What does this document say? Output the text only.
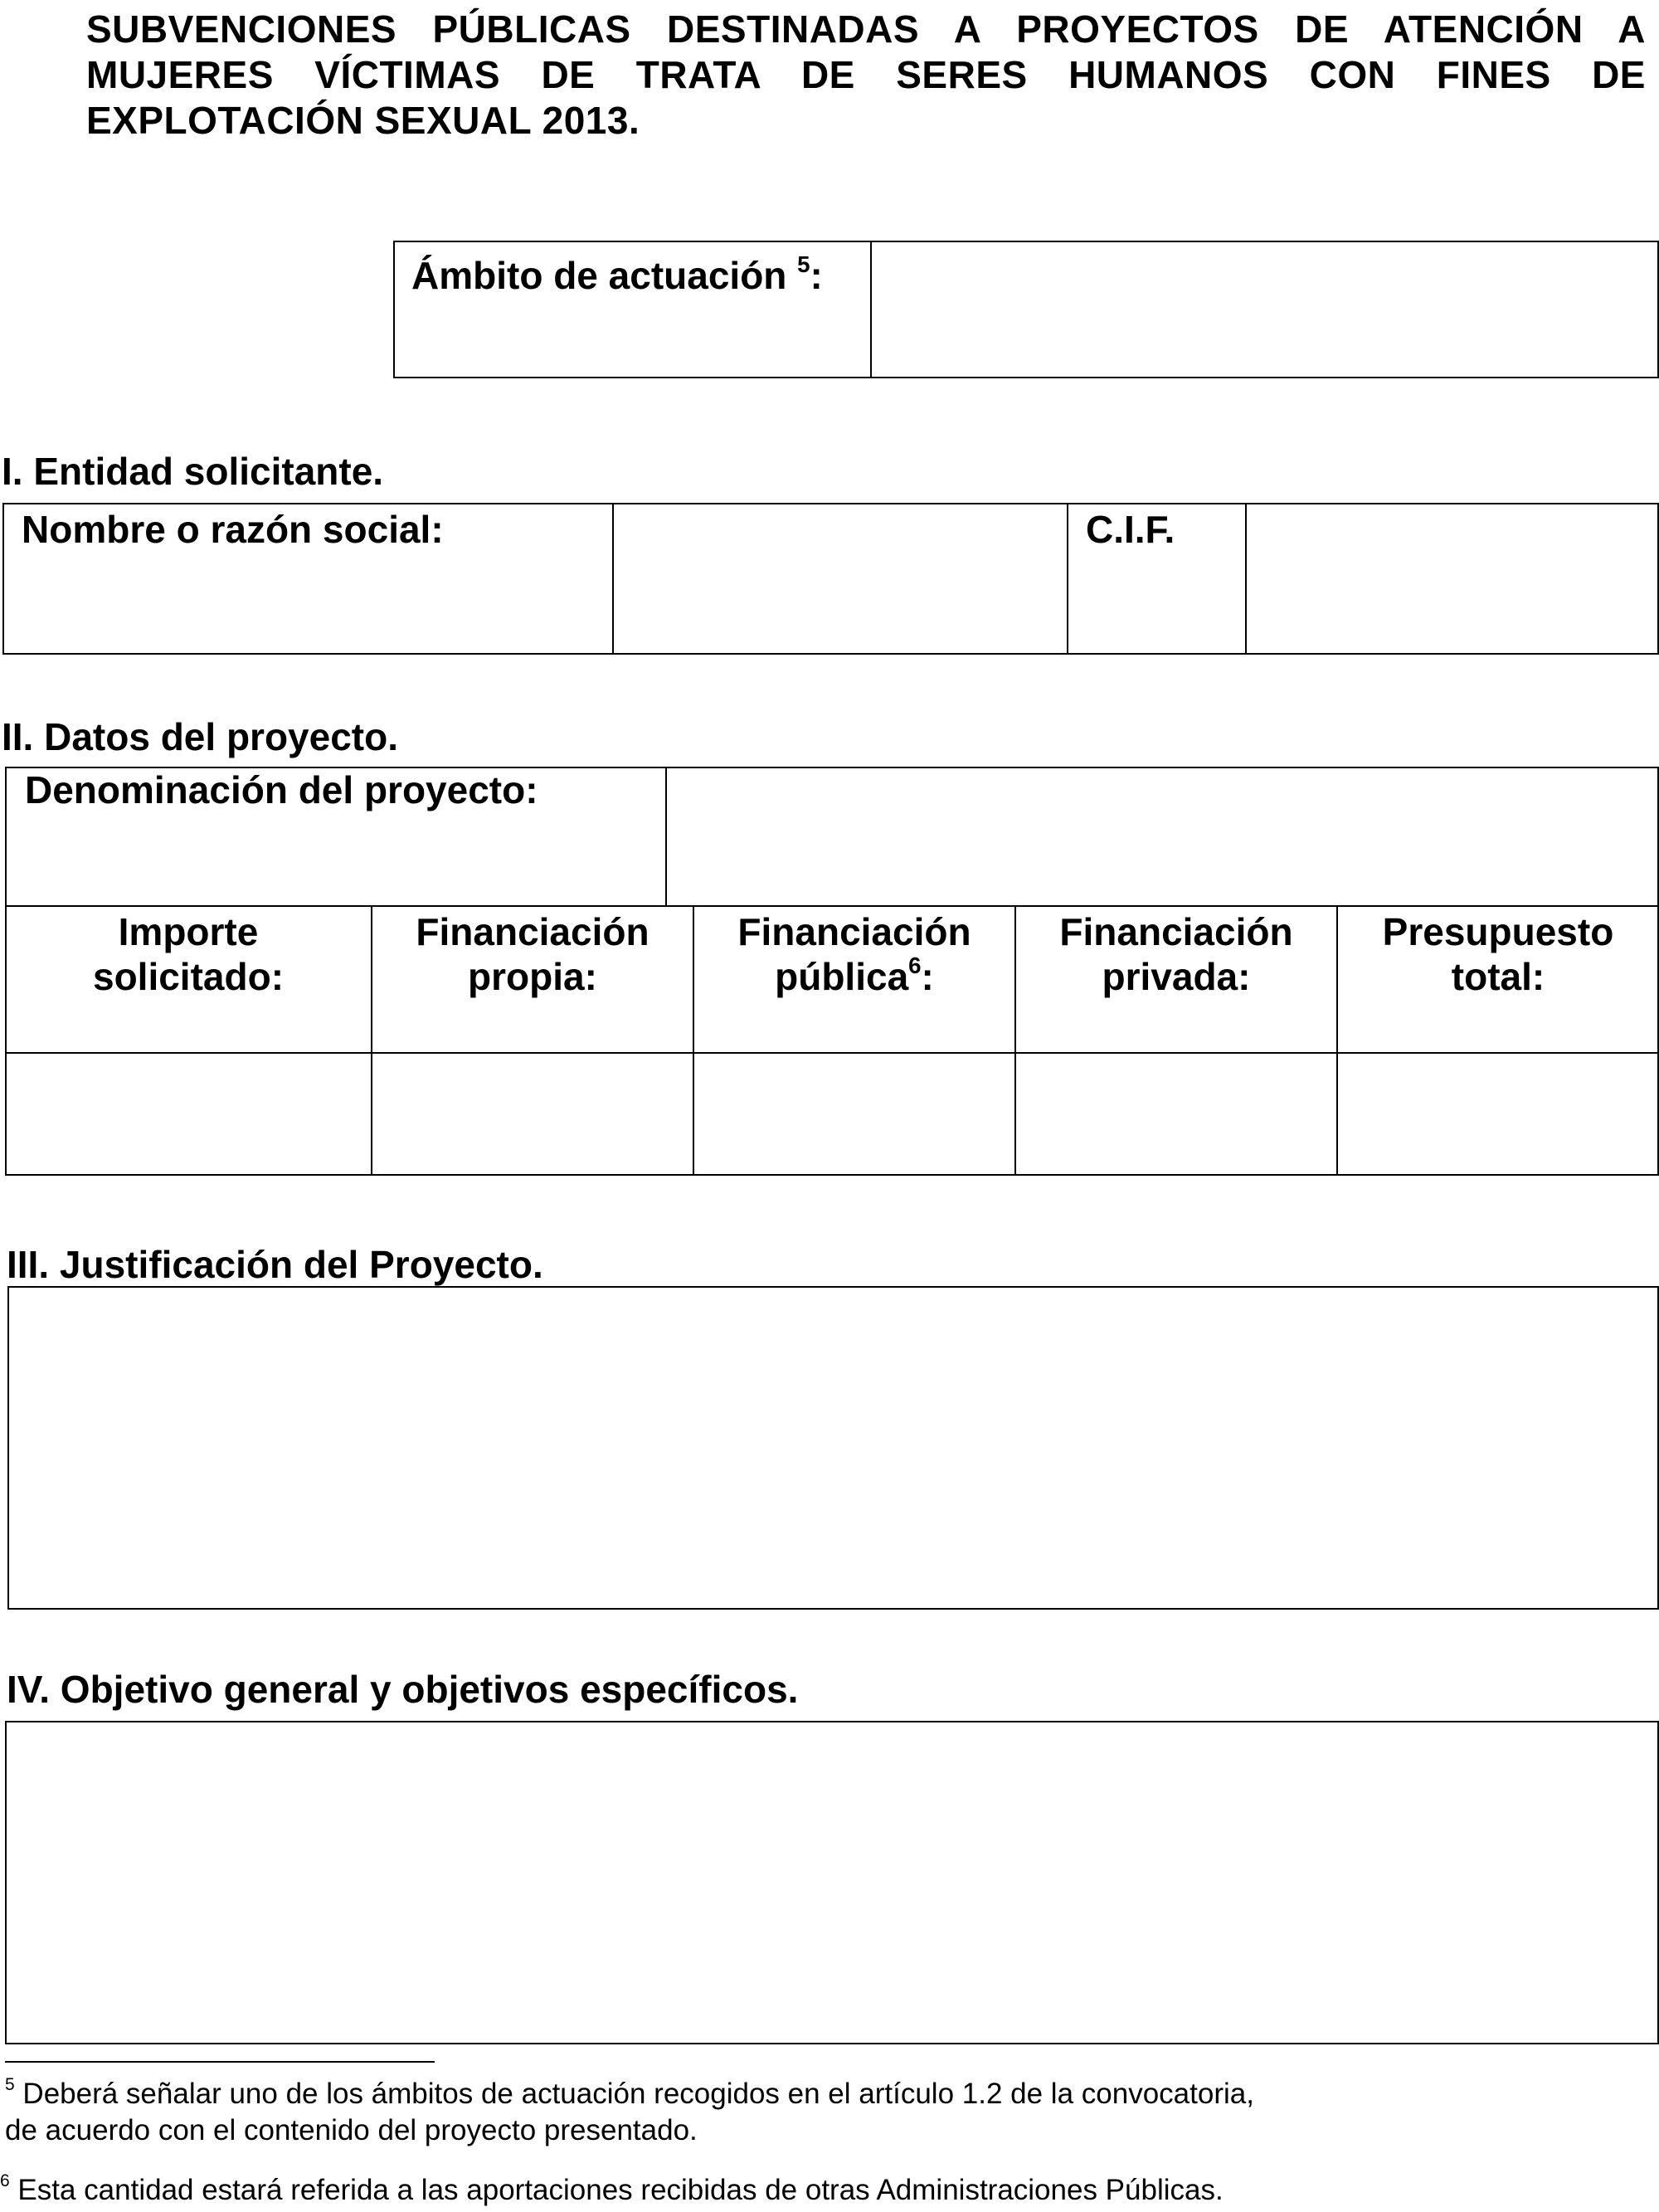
SUBVENCIONES PÚBLICAS DESTINADAS A PROYECTOS DE ATENCIÓN A MUJERES VÍCTIMAS DE TRATA DE SERES HUMANOS CON FINES DE EXPLOTACIÓN SEXUAL 2013.
Ámbito de actuación $^5$:
I. Entidad solicitante.
Nombre o razón social:	C.I.F.
II. Datos del proyecto.
Denominación del proyecto:
Importe
solicitado:
Financiación
propia:
Financiación
pública$^6$:
Financiación
privada:
Presupuesto
total:
III. Justificación del Proyecto.
IV. Objetivo general y objetivos específicos.
$^5$ Deberá señalar uno de los ámbitos de actuación recogidos en el artículo 1.2 de la convocatoria,
de acuerdo con el contenido del proyecto presentado.
$^6$ Esta cantidad estará referida a las aportaciones recibidas de otras Administraciones Públicas.
